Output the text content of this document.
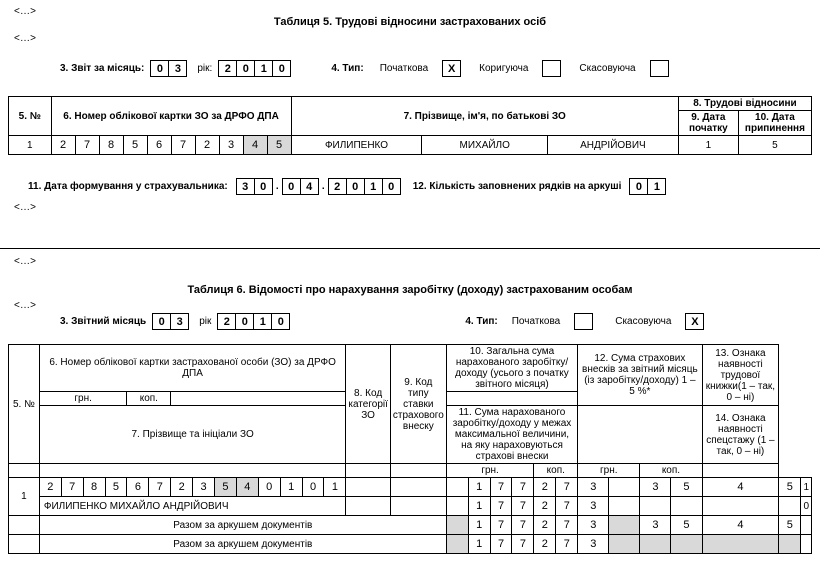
<...>
Таблиця 5. Трудові відносини застрахованих осіб
<...>
3. Звіт за місяць:	0	3	рік:	2	0	1	0	4. Тип: Початкова	X	Коригуюча	Скасовуюча
5. №	6. Номер облікової картки ЗО за ДРФО ДПА										7. Прізвище, ім'я, по батькові ЗО			8. Трудові відносини	
														9. Дата початку	10. Дата припинення
1	2	7	8	5	6	7	2	3	4	5	ФИЛИПЕНКО	МИХАЙЛО	АНДРІЙОВИЧ	1	5
11. Дата формування у страхувальника:	3	0 . 0	4 . 2	0	1	0	12. Кількість заповнених рядків на аркуші	0	1
<...>
<...>
Таблиця 6. Відомості про нарахування заробітку (доходу) застрахованим особам
<...>
3. Звітний місяць	0	3	рік	2	0	1	0	4. Тип: Початкова	Скасовуюча	X
5. №	6. Номер облікової картки застрахованої особи (ЗО) за ДРФО ДПА														8. Код категорії ЗО	9. Код типу ставки страхового внеску	10. Загальна сума нарахованого заробітку/доходу (усього з початку звітного місяця)						12. Сума страхових внесків за звітний місяць (із заробітку/доходу) 1 – 5 %*				13. Ознака наявності трудової книжки(1 – так, 0 – ні)		
	грн.				коп.																								
	7. Прізвище та ініціали ЗО																11. Сума нарахованого заробітку/доходу у межах максимальної величини, на яку нараховуються страхові внески										14. Ознака наявності спецстажу (1 – так, 0 – ні)		

																	грн.				коп.		грн.		коп.				
1	2	7	8	5	6	7	2	3	5	4	0	1	0	1				1	7	7	2	7	3		3	5	4	5	1
	ФИЛИПЕНКО МИХАЙЛО АНДРІЙОВИЧ																	1	7	7	2	7	3						0
	Разом за аркушем документів																	1	7	7	2	7	3		3	5	4	5	
	Разом за аркушем документів																	1	7	7	2	7	3						
